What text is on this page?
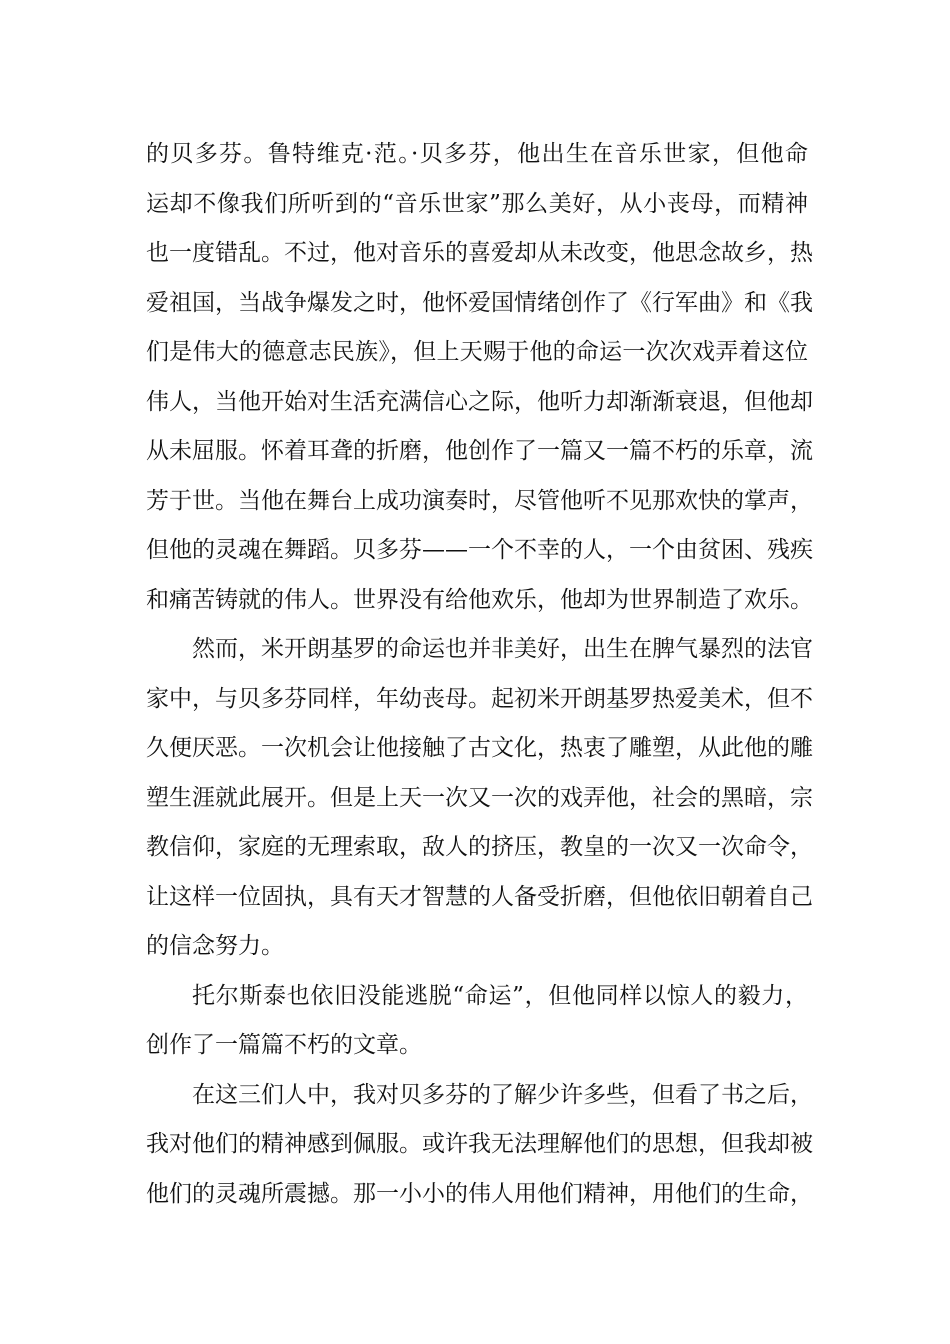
的贝多芬。鲁特维克·范。·贝多芬，他出生在音乐世家，但他命
运却不像我们所听到的“音乐世家”那么美好，从小丧母，而精神
也一度错乱。不过，他对音乐的喜爱却从未改变，他思念故乡，热
爱祖国，当战争爆发之时，他怀爱国情绪创作了《行军曲》和《我
们是伟大的德意志民族》，但上天赐于他的命运一次次戏弄着这位
伟人，当他开始对生活充满信心之际，他听力却渐渐衰退，但他却
从未屈服。怀着耳聋的折磨，他创作了一篇又一篇不朽的乐章，流
芳于世。当他在舞台上成功演奏时，尽管他听不见那欢快的掌声，
但他的灵魂在舞蹈。贝多芬——一个不幸的人，一个由贫困、残疾
和痛苦铸就的伟人。世界没有给他欢乐，他却为世界制造了欢乐。
然而，米开朗基罗的命运也并非美好，出生在脾气暴烈的法官
家中，与贝多芬同样，年幼丧母。起初米开朗基罗热爱美术，但不
久便厌恶。一次机会让他接触了古文化，热衷了雕塑，从此他的雕
塑生涯就此展开。但是上天一次又一次的戏弄他，社会的黑暗，宗
教信仰，家庭的无理索取，敌人的挤压，教皇的一次又一次命令，
让这样一位固执，具有天才智慧的人备受折磨，但他依旧朝着自己
的信念努力。
托尔斯泰也依旧没能逃脱“命运”，但他同样以惊人的毅力，
创作了一篇篇不朽的文章。
在这三们人中，我对贝多芬的了解少许多些，但看了书之后，
我对他们的精神感到佩服。或许我无法理解他们的思想，但我却被
他们的灵魂所震撼。那一小小的伟人用他们精神，用他们的生命，
